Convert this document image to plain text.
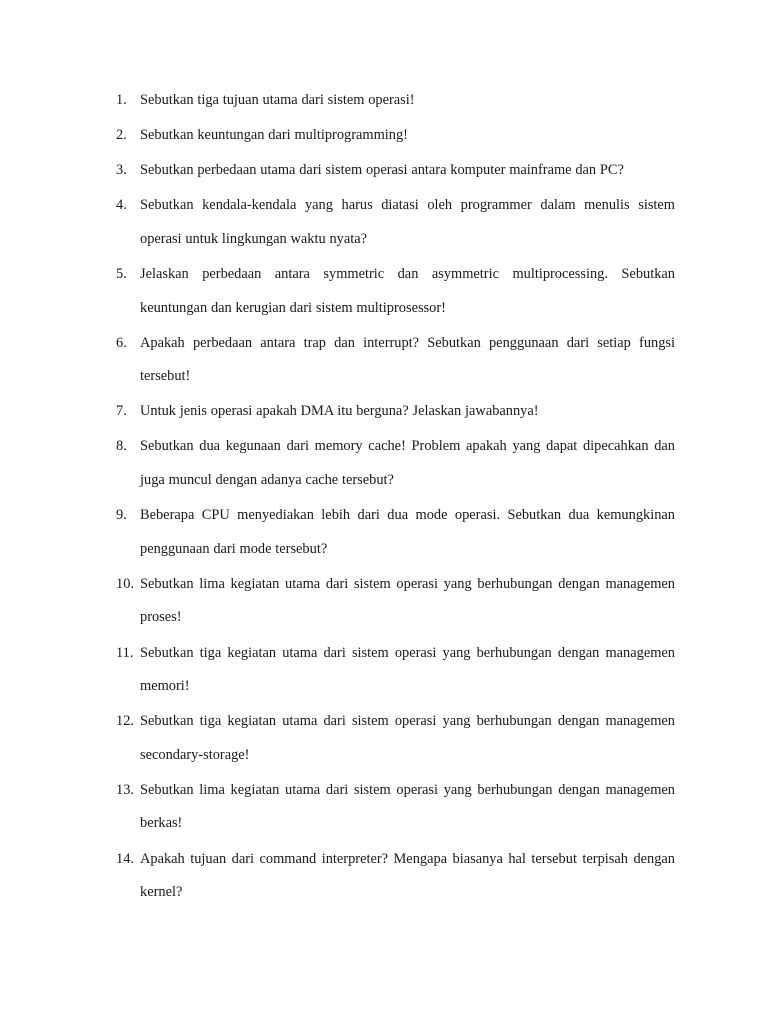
1. Sebutkan tiga tujuan utama dari sistem operasi!
2. Sebutkan keuntungan dari multiprogramming!
3. Sebutkan perbedaan utama dari sistem operasi antara komputer mainframe dan PC?
4. Sebutkan kendala-kendala yang harus diatasi oleh programmer dalam menulis sistem operasi untuk lingkungan waktu nyata?
5. Jelaskan perbedaan antara symmetric dan asymmetric multiprocessing. Sebutkan keuntungan dan kerugian dari sistem multiprosessor!
6. Apakah perbedaan antara trap dan interrupt? Sebutkan penggunaan dari setiap fungsi tersebut!
7. Untuk jenis operasi apakah DMA itu berguna? Jelaskan jawabannya!
8. Sebutkan dua kegunaan dari memory cache! Problem apakah yang dapat dipecahkan dan juga muncul dengan adanya cache tersebut?
9. Beberapa CPU menyediakan lebih dari dua mode operasi. Sebutkan dua kemungkinan penggunaan dari mode tersebut?
10. Sebutkan lima kegiatan utama dari sistem operasi yang berhubungan dengan managemen proses!
11. Sebutkan tiga kegiatan utama dari sistem operasi yang berhubungan dengan managemen memori!
12. Sebutkan tiga kegiatan utama dari sistem operasi yang berhubungan dengan managemen secondary-storage!
13. Sebutkan lima kegiatan utama dari sistem operasi yang berhubungan dengan managemen berkas!
14. Apakah tujuan dari command interpreter? Mengapa biasanya hal tersebut terpisah dengan kernel?
